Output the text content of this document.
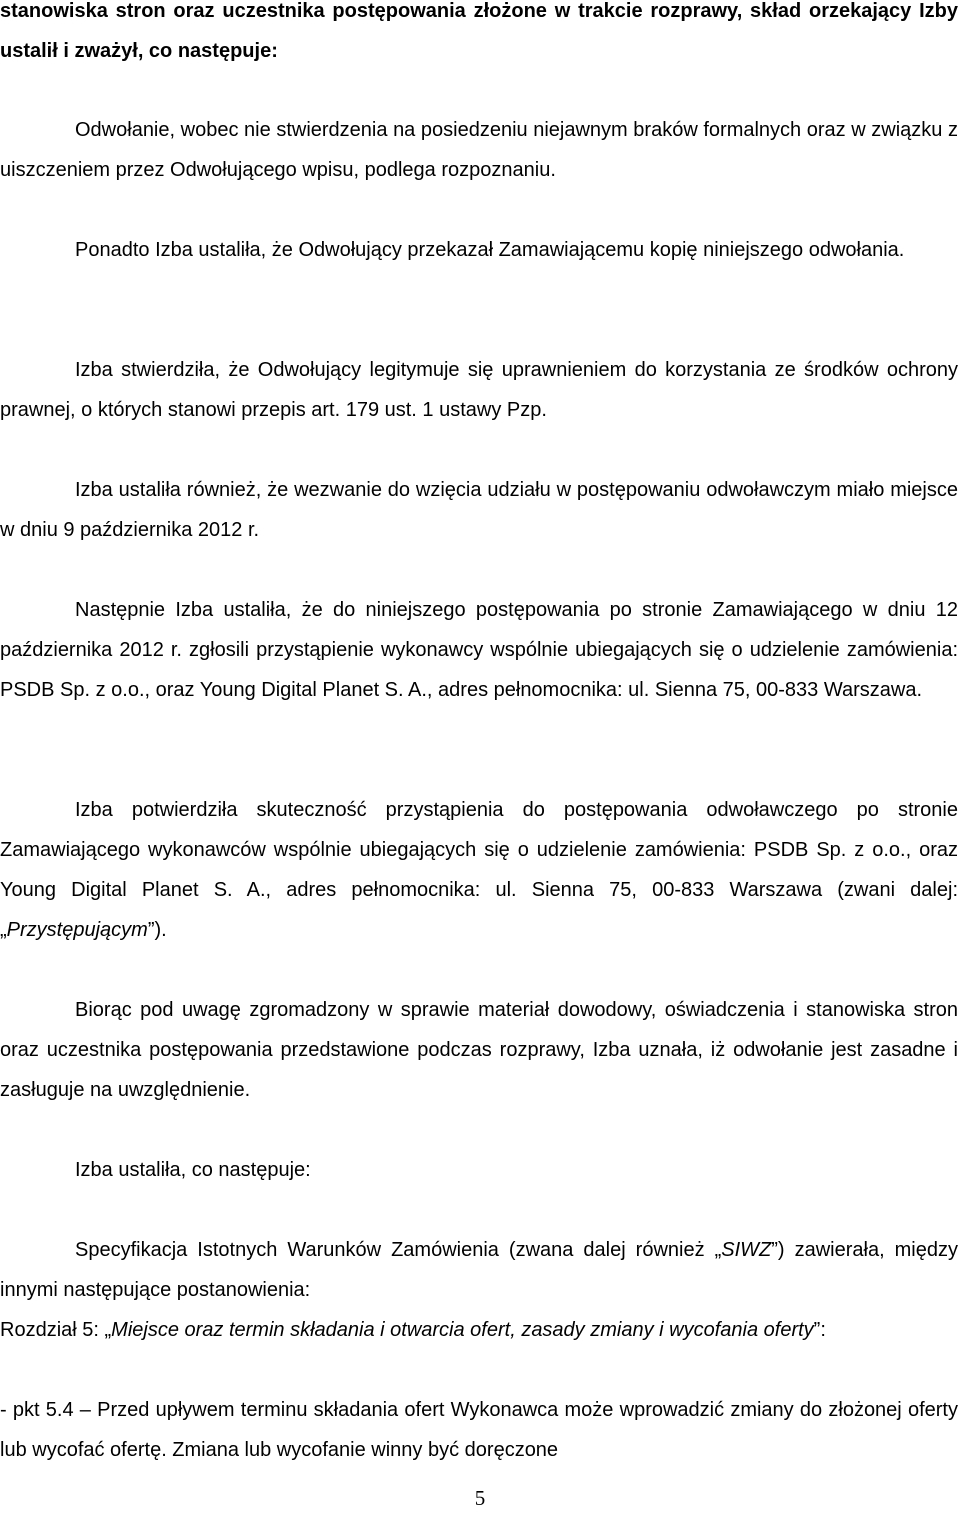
stanowiska stron oraz uczestnika postępowania złożone w trakcie rozprawy, skład orzekający Izby ustalił i zważył, co następuje:

Odwołanie, wobec nie stwierdzenia na posiedzeniu niejawnym braków formalnych oraz w związku z uiszczeniem przez Odwołującego wpisu, podlega rozpoznaniu.

Ponadto Izba ustaliła, że Odwołujący przekazał Zamawiającemu kopię niniejszego odwołania.

Izba stwierdziła, że Odwołujący legitymuje się uprawnieniem do korzystania ze środków ochrony prawnej, o których stanowi przepis art. 179 ust. 1 ustawy Pzp.

Izba ustaliła również, że wezwanie do wzięcia udziału w postępowaniu odwoławczym miało miejsce w dniu 9 października 2012 r.

Następnie Izba ustaliła, że do niniejszego postępowania po stronie Zamawiającego w dniu 12 października 2012 r. zgłosili przystąpienie wykonawcy wspólnie ubiegających się o udzielenie zamówienia: PSDB Sp. z o.o., oraz Young Digital Planet S. A., adres pełnomocnika: ul. Sienna 75, 00-833 Warszawa.

Izba potwierdziła skuteczność przystąpienia do postępowania odwoławczego po stronie Zamawiającego wykonawców wspólnie ubiegających się o udzielenie zamówienia: PSDB Sp. z o.o., oraz Young Digital Planet S. A., adres pełnomocnika: ul. Sienna 75, 00-833 Warszawa (zwani dalej: „Przystępującym”).

Biorąc pod uwagę zgromadzony w sprawie materiał dowodowy, oświadczenia i stanowiska stron oraz uczestnika postępowania przedstawione podczas rozprawy, Izba uznała, iż odwołanie jest zasadne i zasługuje na uwzględnienie.

Izba ustaliła, co następuje:

Specyfikacja Istotnych Warunków Zamówienia (zwana dalej również „SIWZ”) zawierała, między innymi następujące postanowienia:

Rozdział 5: „Miejsce oraz termin składania i otwarcia ofert, zasady zmiany i wycofania oferty”:

- pkt 5.4 – Przed upływem terminu składania ofert Wykonawca może wprowadzić zmiany do złożonej oferty lub wycofać ofertę. Zmiana lub wycofanie winny być doręczone

5
